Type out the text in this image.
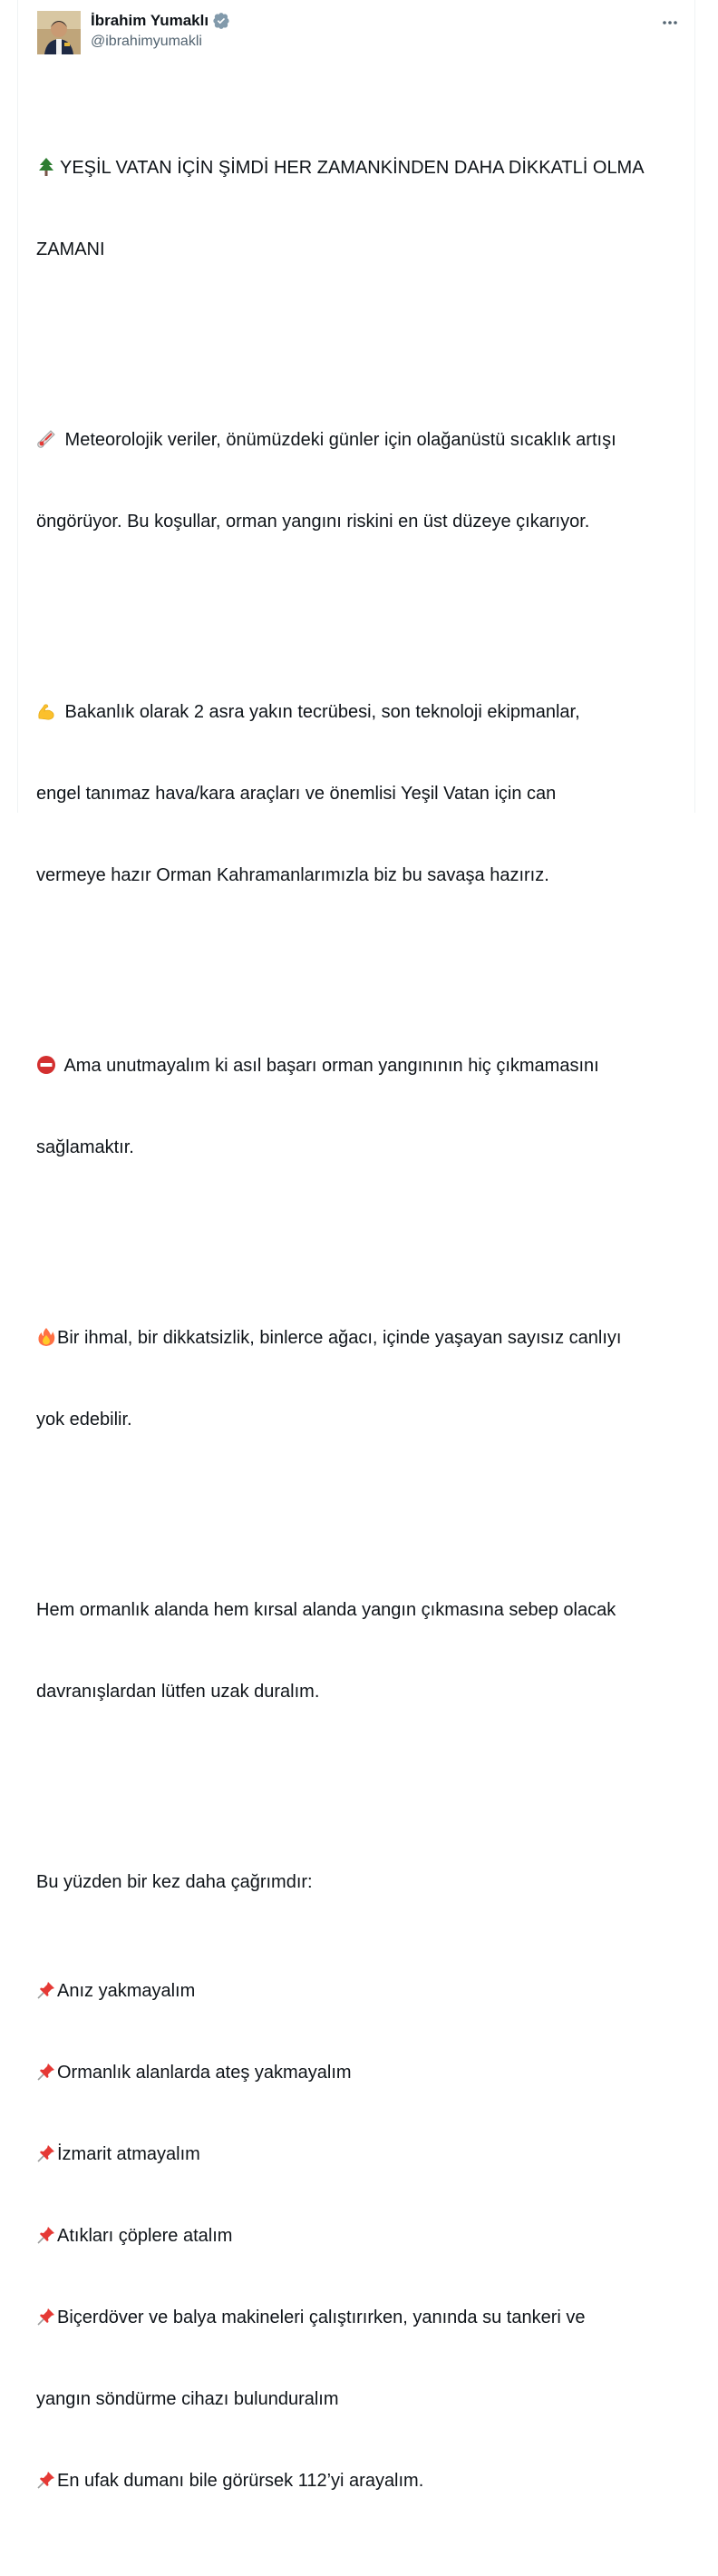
İbrahim Yumaklı
@ibrahimyumakli

YEŞİL VATAN İÇİN ŞİMDİ HER ZAMANKİNDEN DAHA DİKKATLİ OLMA

ZAMANI

Meteorolojik veriler, önümüzdeki günler için olağanüstü sıcaklık artışı

öngörüyor. Bu koşullar, orman yangını riskini en üst düzeye çıkarıyor.

Bakanlık olarak 2 asra yakın tecrübesi, son teknoloji ekipmanlar,

engel tanımaz hava/kara araçları ve önemlisi Yeşil Vatan için can

vermeye hazır Orman Kahramanlarımızla biz bu savaşa hazırız.

Ama unutmayalım ki asıl başarı orman yangınının hiç çıkmamasını

sağlamaktır.

Bir ihmal, bir dikkatsizlik, binlerce ağacı, içinde yaşayan sayısız canlıyı

yok edebilir.

Hem ormanlık alanda hem kırsal alanda yangın çıkmasına sebep olacak

davranışlardan lütfen uzak duralım.

Bu yüzden bir kez daha çağrımdır:

Anız yakmayalım

Ormanlık alanlarda ateş yakmayalım

İzmarit atmayalım

Atıkları çöplere atalım

Biçerdöver ve balya makineleri çalıştırırken, yanında su tankeri ve

yangın söndürme cihazı bulunduralım

En ufak dumanı bile görürsek 112’yi arayalım.
